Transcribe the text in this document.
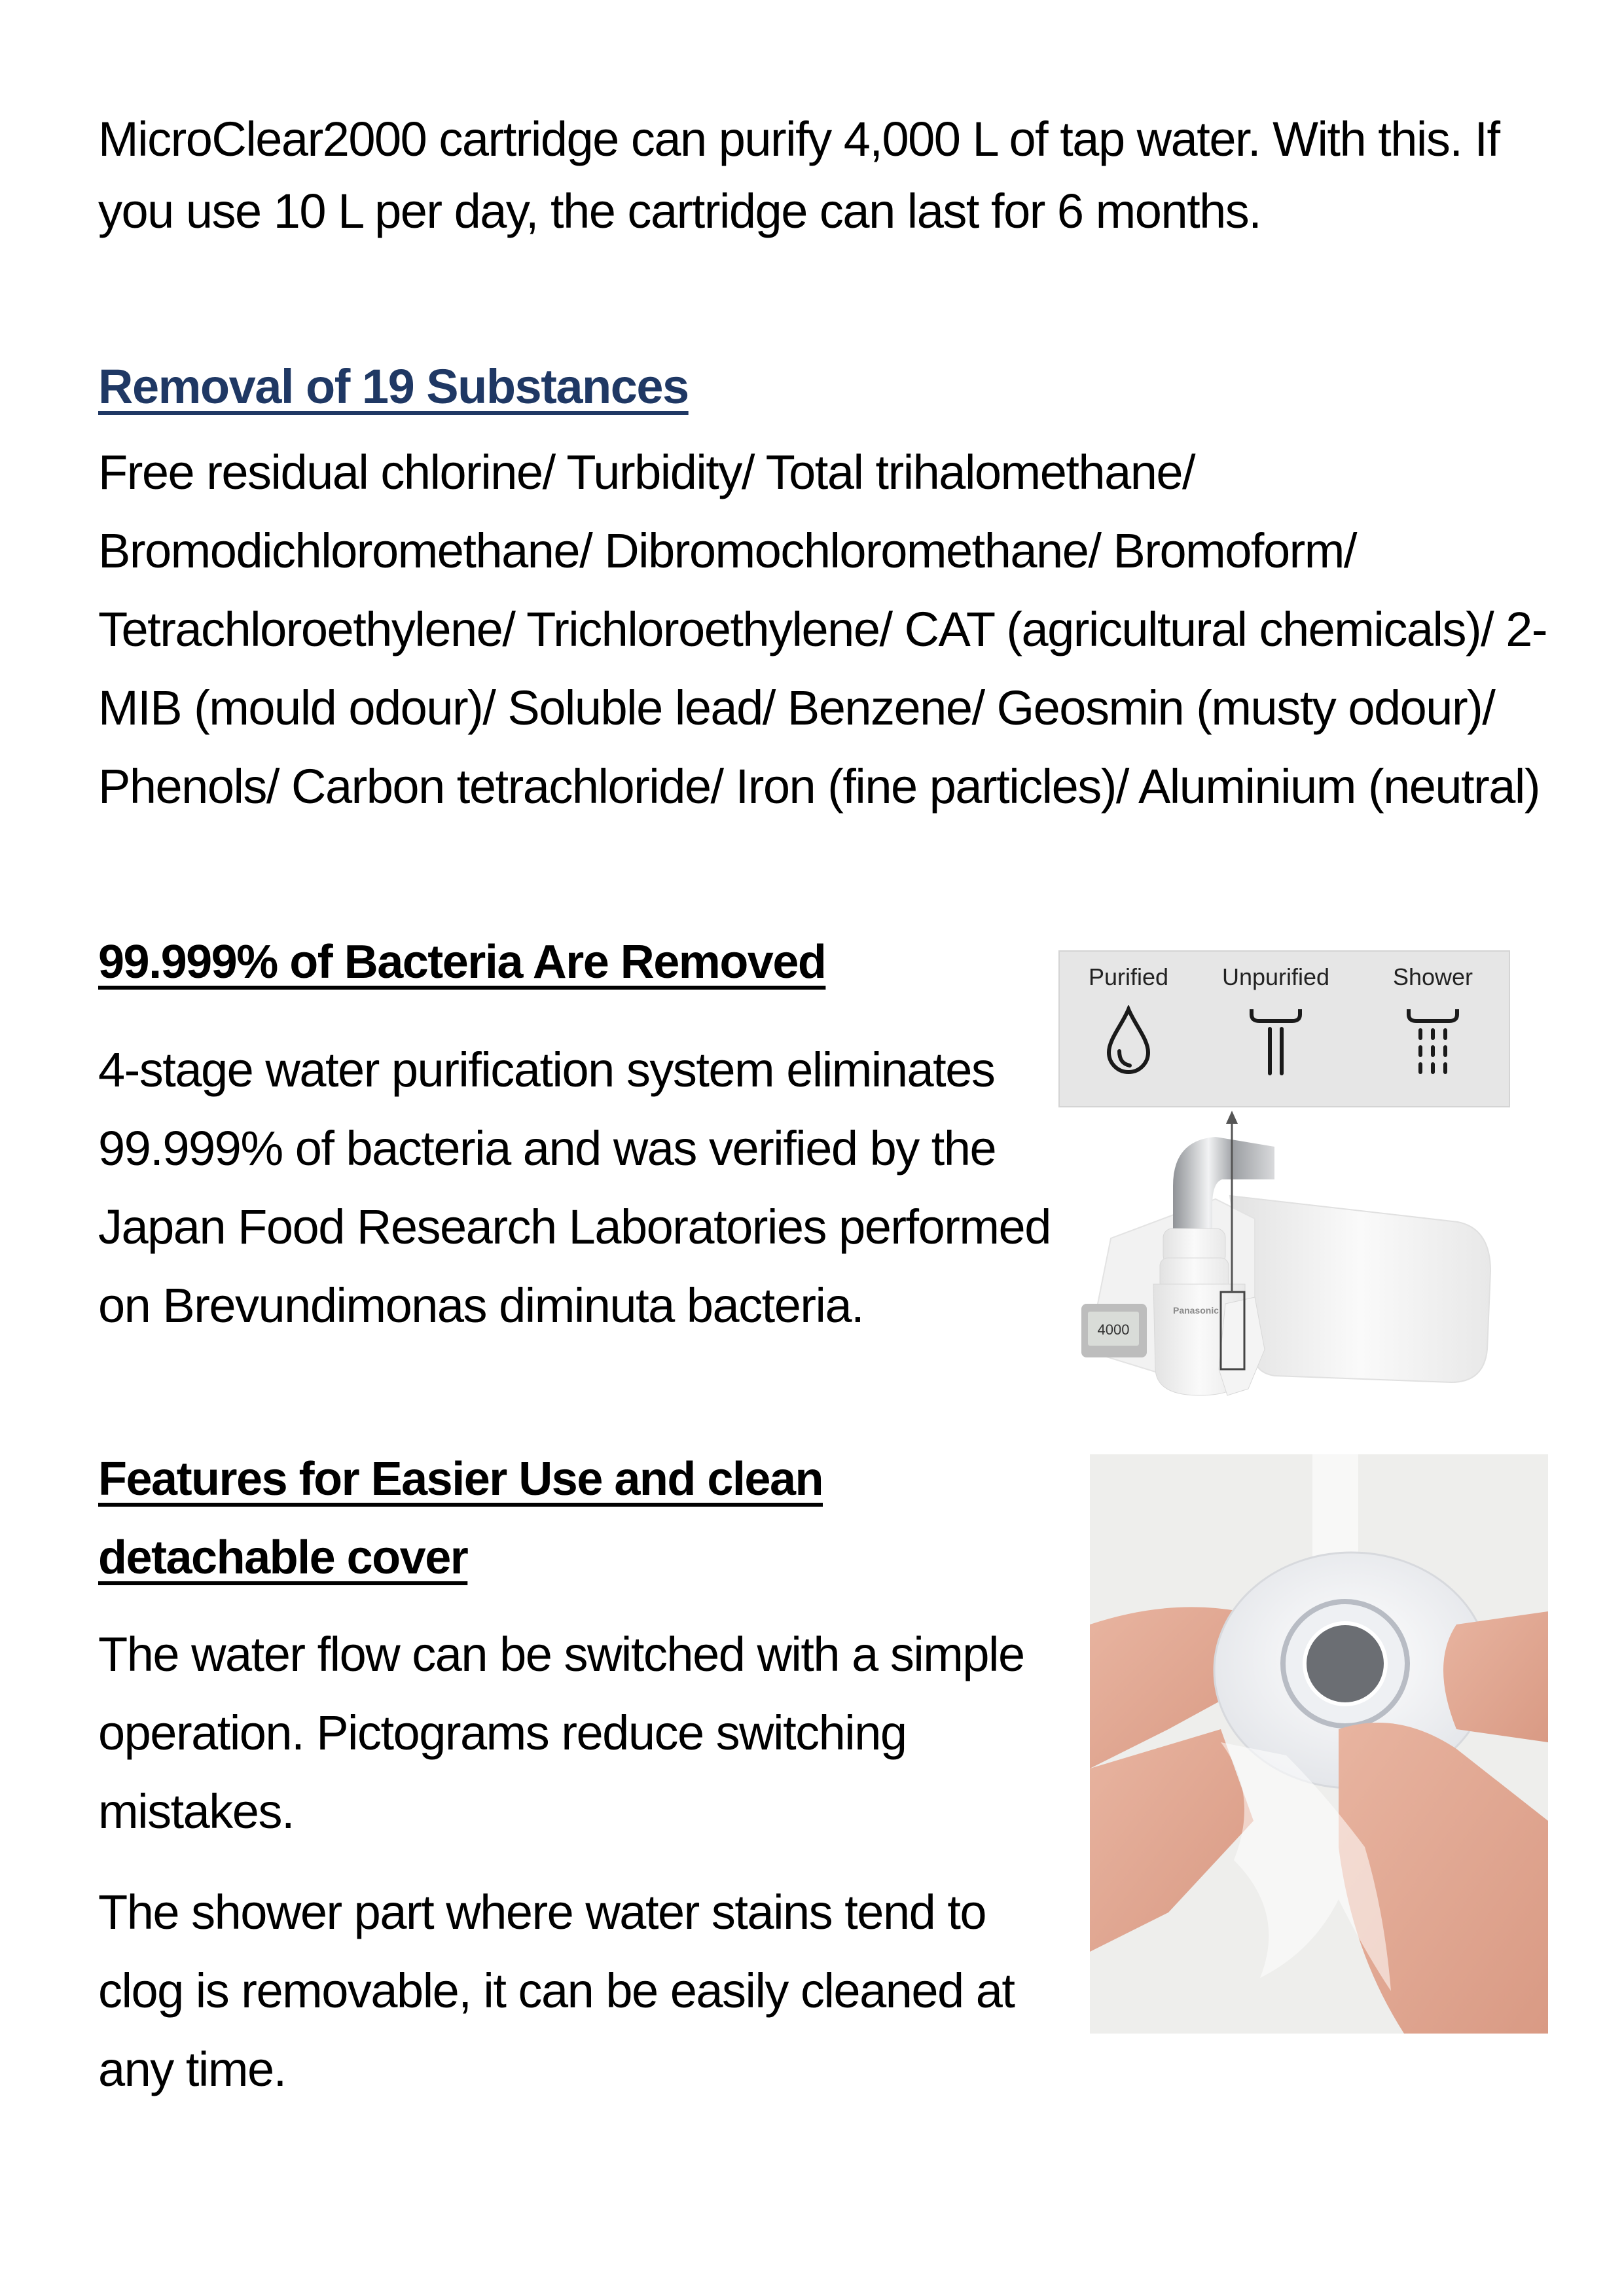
MicroClear2000 cartridge can purify 4,000 L of tap water. With this. If you use 10 L per day, the cartridge can last for 6 months.

Removal of 19 Substances

Free residual chlorine/ Turbidity/ Total trihalomethane/ Bromodichloromethane/ Dibromochloromethane/ Bromoform/ Tetrachloroethylene/ Trichloroethylene/ CAT (agricultural chemicals)/ 2-MIB (mould odour)/ Soluble lead/ Benzene/ Geosmin (musty odour)/ Phenols/ Carbon tetrachloride/ Iron (fine particles)/ Aluminium (neutral)

99.999% of Bacteria Are Removed

4-stage water purification system eliminates 99.999% of bacteria and was verified by the Japan Food Research Laboratories performed on Brevundimonas diminuta bacteria.

Purified	Unpurified	Shower
4000
Panasonic
Features for Easier Use and clean detachable cover

The water flow can be switched with a simple operation. Pictograms reduce switching mistakes.

The shower part where water stains tend to clog is removable, it can be easily cleaned at any time.
